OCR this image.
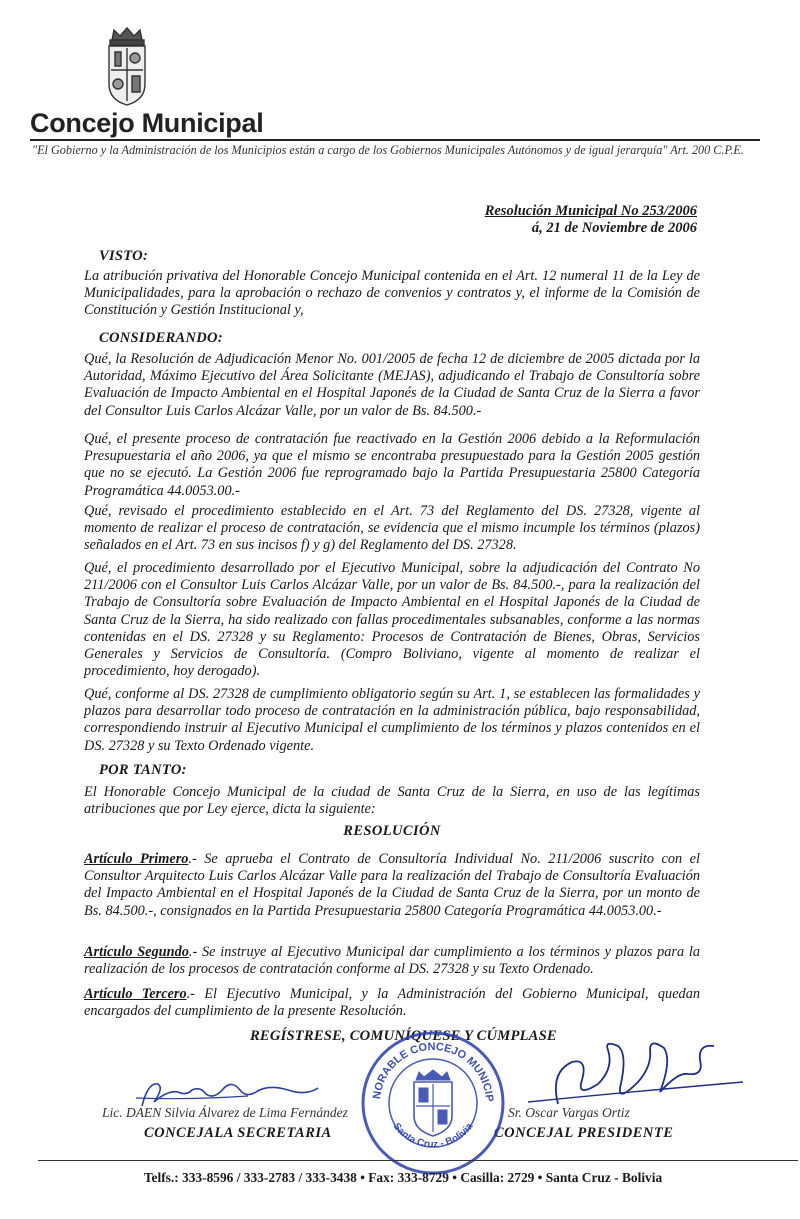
Concejo Municipal
"El Gobierno y la Administración de los Municipios están a cargo de los Gobiernos Municipales Autónomos y de igual jerarquía" Art. 200 C.P.E.
Resolución Municipal No 253/2006
á, 21 de Noviembre de 2006
VISTO:
La atribución privativa del Honorable Concejo Municipal contenida en el Art. 12 numeral 11 de la Ley de Municipalidades, para la aprobación o rechazo de convenios y contratos y, el informe de la Comisión de Constitución y Gestión Institucional y,
CONSIDERANDO:
Qué, la Resolución de Adjudicación Menor No. 001/2005 de fecha 12 de diciembre de 2005 dictada por la Autoridad, Máximo Ejecutivo del Área Solicitante (MEJAS), adjudicando el Trabajo de Consultoría sobre Evaluación de Impacto Ambiental en el Hospital Japonés de la Ciudad de Santa Cruz de la Sierra a favor del Consultor Luis Carlos Alcázar Valle, por un valor de Bs. 84.500.-
Qué, el presente proceso de contratación fue reactivado en la Gestión 2006 debido a la Reformulación Presupuestaria el año 2006, ya que el mismo se encontraba presupuestado para la Gestión 2005 gestión que no se ejecutó. La Gestión 2006 fue reprogramado bajo la Partida Presupuestaria 25800 Categoría Programática 44.0053.00.-
Qué, revisado el procedimiento establecido en el Art. 73 del Reglamento del DS. 27328, vigente al momento de realizar el proceso de contratación, se evidencia que el mismo incumple los términos (plazos) señalados en el Art. 73 en sus incisos f) y g) del Reglamento del DS. 27328.
Qué, el procedimiento desarrollado por el Ejecutivo Municipal, sobre la adjudicación del Contrato No 211/2006 con el Consultor Luis Carlos Alcázar Valle, por un valor de Bs. 84.500.-, para la realización del Trabajo de Consultoría sobre Evaluación de Impacto Ambiental en el Hospital Japonés de la Ciudad de Santa Cruz de la Sierra, ha sido realizado con fallas procedimentales subsanables, conforme a las normas contenidas en el DS. 27328 y su Reglamento: Procesos de Contratación de Bienes, Obras, Servicios Generales y Servicios de Consultoría. (Compro Boliviano, vigente al momento de realizar el procedimiento, hoy derogado).
Qué, conforme al DS. 27328 de cumplimiento obligatorio según su Art. 1, se establecen las formalidades y plazos para desarrollar todo proceso de contratación en la administración pública, bajo responsabilidad, correspondiendo instruir al Ejecutivo Municipal el cumplimiento de los términos y plazos contenidos en el DS. 27328 y su Texto Ordenado vigente.
POR TANTO:
El Honorable Concejo Municipal de la ciudad de Santa Cruz de la Sierra, en uso de las legítimas atribuciones que por Ley ejerce, dicta la siguiente:
RESOLUCIÓN
Artículo Primero.- Se aprueba el Contrato de Consultoría Individual No. 211/2006 suscrito con el Consultor Arquitecto Luis Carlos Alcázar Valle para la realización del Trabajo de Consultoría Evaluación del Impacto Ambiental en el Hospital Japonés de la Ciudad de Santa Cruz de la Sierra, por un monto de Bs. 84.500.-, consignados en la Partida Presupuestaria 25800 Categoría Programática 44.0053.00.-
Artículo Segundo.- Se instruye al Ejecutivo Municipal dar cumplimiento a los términos y plazos para la realización de los procesos de contratación conforme al DS. 27328 y su Texto Ordenado.
Artículo Tercero.- El Ejecutivo Municipal, y la Administración del Gobierno Municipal, quedan encargados del cumplimiento de la presente Resolución.
REGÍSTRESE, COMUNÍQUESE Y CÚMPLASE
Lic. DAEN Silvia Álvarez de Lima Fernández
CONCEJALA SECRETARIA
Sr. Oscar Vargas Ortiz
CONCEJAL PRESIDENTE
HONORABLE CONCEJO MUNICIPAL
Santa Cruz - Bolivia
Telfs.: 333-8596 / 333-2783 / 333-3438 • Fax: 333-8729 • Casilla: 2729 • Santa Cruz - Bolivia
